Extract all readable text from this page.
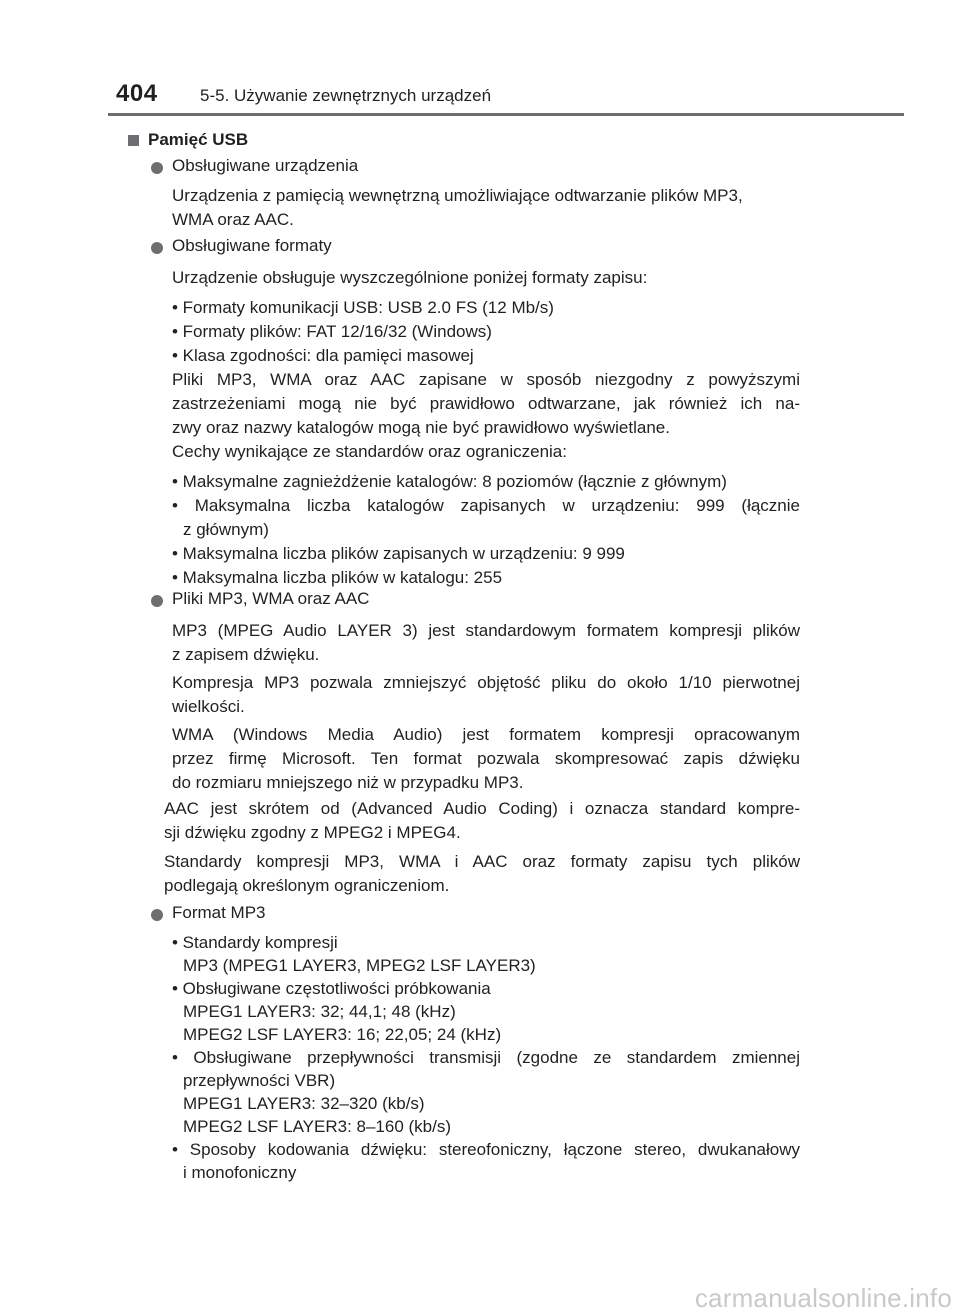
404 5-5. Używanie zewnętrznych urządzeń
Pamięć USB
Obsługiwane urządzenia
Urządzenia z pamięcią wewnętrzną umożliwiające odtwarzanie plików MP3,
WMA oraz AAC.
Obsługiwane formaty
Urządzenie obsługuje wyszczególnione poniżej formaty zapisu:
• Formaty komunikacji USB: USB 2.0 FS (12 Mb/s)
• Formaty plików: FAT 12/16/32 (Windows)
• Klasa zgodności: dla pamięci masowej
Pliki MP3, WMA oraz AAC zapisane w sposób niezgodny z powyższymi
zastrzeżeniami mogą nie być prawidłowo odtwarzane, jak również ich na-
zwy oraz nazwy katalogów mogą nie być prawidłowo wyświetlane.
Cechy wynikające ze standardów oraz ograniczenia:
• Maksymalne zagnieżdżenie katalogów: 8 poziomów (łącznie z głównym)
• Maksymalna liczba katalogów zapisanych w urządzeniu: 999 (łącznie
z głównym)
• Maksymalna liczba plików zapisanych w urządzeniu: 9 999
• Maksymalna liczba plików w katalogu: 255
Pliki MP3, WMA oraz AAC
MP3 (MPEG Audio LAYER 3) jest standardowym formatem kompresji plików
z zapisem dźwięku.
Kompresja MP3 pozwala zmniejszyć objętość pliku do około 1/10 pierwotnej
wielkości.
WMA (Windows Media Audio) jest formatem kompresji opracowanym
przez firmę Microsoft. Ten format pozwala skompresować zapis dźwięku
do rozmiaru mniejszego niż w przypadku MP3.
AAC jest skrótem od (Advanced Audio Coding) i oznacza standard kompre-
sji dźwięku zgodny z MPEG2 i MPEG4.
Standardy kompresji MP3, WMA i AAC oraz formaty zapisu tych plików
podlegają określonym ograniczeniom.
Format MP3
• Standardy kompresji
MP3 (MPEG1 LAYER3, MPEG2 LSF LAYER3)
• Obsługiwane częstotliwości próbkowania
MPEG1 LAYER3: 32; 44,1; 48 (kHz)
MPEG2 LSF LAYER3: 16; 22,05; 24 (kHz)
• Obsługiwane przepływności transmisji (zgodne ze standardem zmiennej
przepływności VBR)
MPEG1 LAYER3: 32–320 (kb/s)
MPEG2 LSF LAYER3: 8–160 (kb/s)
• Sposoby kodowania dźwięku: stereofoniczny, łączone stereo, dwukanałowy
i monofoniczny
carmanualsonline.info
